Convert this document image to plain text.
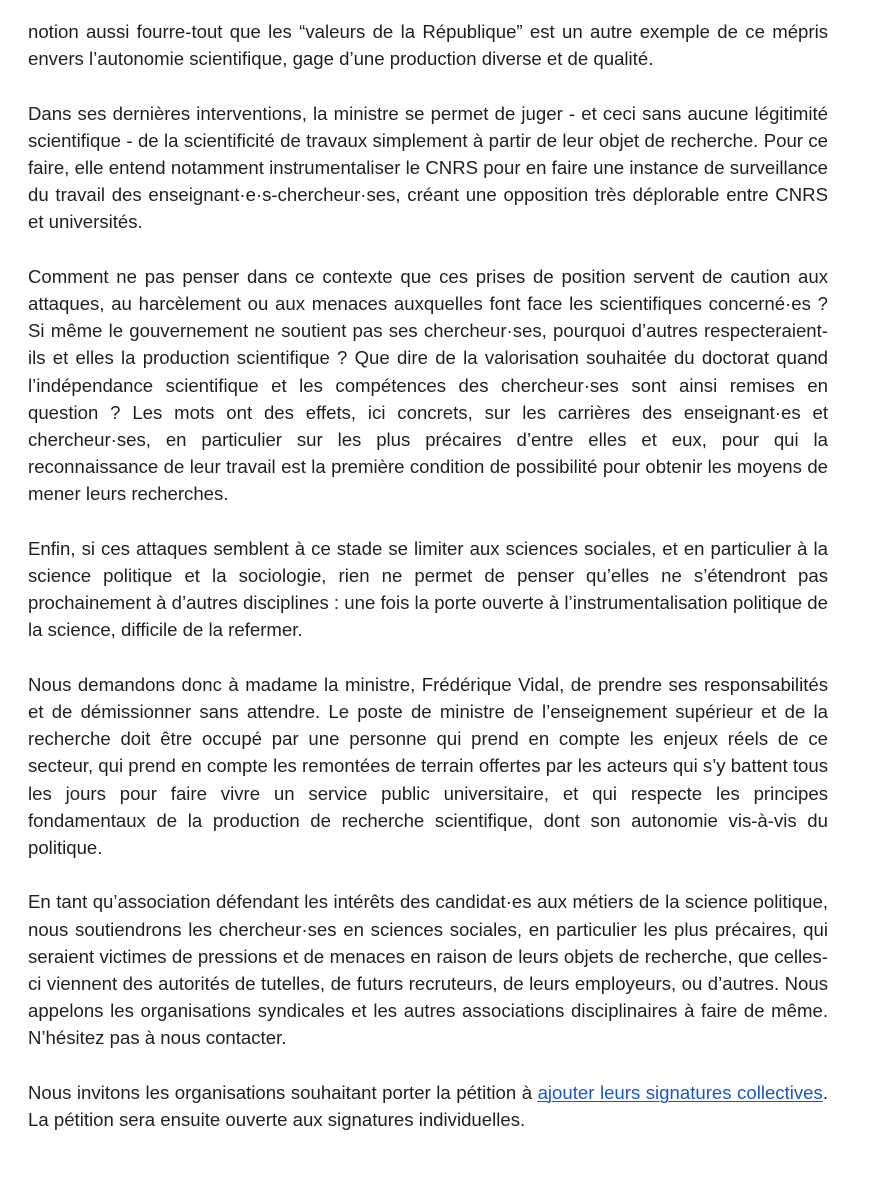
notion aussi fourre-tout que les “valeurs de la République” est un autre exemple de ce mépris envers l’autonomie scientifique, gage d’une production diverse et de qualité.

Dans ses dernières interventions, la ministre se permet de juger - et ceci sans aucune légitimité scientifique - de la scientificité de travaux simplement à partir de leur objet de recherche. Pour ce faire, elle entend notamment instrumentaliser le CNRS pour en faire une instance de surveillance du travail des enseignant·e·s-chercheur·ses, créant une opposition très déplorable entre CNRS et universités.

Comment ne pas penser dans ce contexte que ces prises de position servent de caution aux attaques, au harcèlement ou aux menaces auxquelles font face les scientifiques concerné·es ? Si même le gouvernement ne soutient pas ses chercheur·ses, pourquoi d’autres respecteraient-ils et elles la production scientifique ? Que dire de la valorisation souhaitée du doctorat quand l’indépendance scientifique et les compétences des chercheur·ses sont ainsi remises en question ? Les mots ont des effets, ici concrets, sur les carrières des enseignant·es et chercheur·ses, en particulier sur les plus précaires d’entre elles et eux, pour qui la reconnaissance de leur travail est la première condition de possibilité pour obtenir les moyens de mener leurs recherches.

Enfin, si ces attaques semblent à ce stade se limiter aux sciences sociales, et en particulier à la science politique et la sociologie, rien ne permet de penser qu’elles ne s’étendront pas prochainement à d’autres disciplines : une fois la porte ouverte à l’instrumentalisation politique de la science, difficile de la refermer.

Nous demandons donc à madame la ministre, Frédérique Vidal, de prendre ses responsabilités et de démissionner sans attendre. Le poste de ministre de l’enseignement supérieur et de la recherche doit être occupé par une personne qui prend en compte les enjeux réels de ce secteur, qui prend en compte les remontées de terrain offertes par les acteurs qui s’y battent tous les jours pour faire vivre un service public universitaire, et qui respecte les principes fondamentaux de la production de recherche scientifique, dont son autonomie vis-à-vis du politique.

En tant qu’association défendant les intérêts des candidat·es aux métiers de la science politique, nous soutiendrons les chercheur·ses en sciences sociales, en particulier les plus précaires, qui seraient victimes de pressions et de menaces en raison de leurs objets de recherche, que celles-ci viennent des autorités de tutelles, de futurs recruteurs, de leurs employeurs, ou d’autres. Nous appelons les organisations syndicales et les autres associations disciplinaires à faire de même. N’hésitez pas à nous contacter.

Nous invitons les organisations souhaitant porter la pétition à ajouter leurs signatures collectives. La pétition sera ensuite ouverte aux signatures individuelles.
